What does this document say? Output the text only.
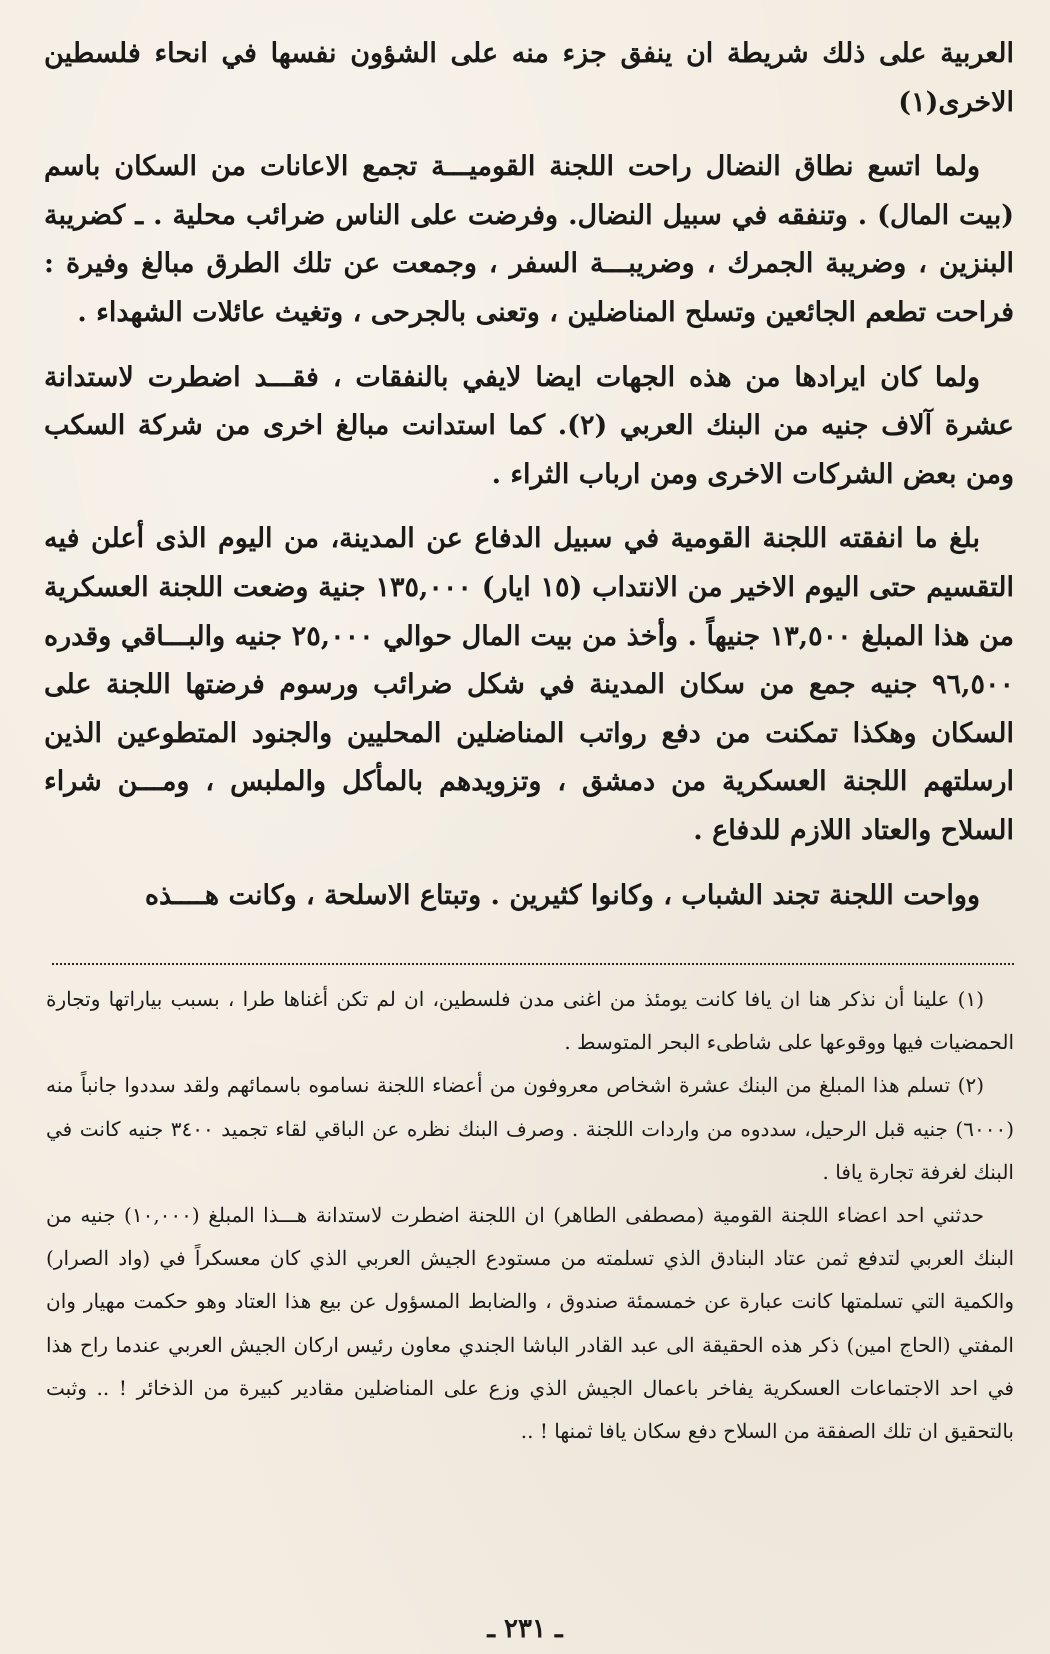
العربية على ذلك شريطة ان ينفق جزء منه على الشؤون نفسها في انحاء فلسطين الاخرى(١)

ولما اتسع نطاق النضال راحت اللجنة القوميـــة تجمع الاعانات من السكان باسم (بيت المال) . وتنفقه في سبيل النضال. وفرضت على الناس ضرائب محلية . ـ كضريبة البنزين ، وضريبة الجمرك ، وضريبـــة السفر ، وجمعت عن تلك الطرق مبالغ وفيرة : فراحت تطعم الجائعين وتسلح المناضلين ، وتعنى بالجرحى ، وتغيث عائلات الشهداء .

ولما كان ايرادها من هذه الجهات ايضا لايفي بالنفقات ، فقـــد اضطرت لاستدانة عشرة آلاف جنيه من البنك العربي (٢). كما استدانت مبالغ اخرى من شركة السكب ومن بعض الشركات الاخرى ومن ارباب الثراء .

بلغ ما انفقته اللجنة القومية في سبيل الدفاع عن المدينة، من اليوم الذى أعلن فيه التقسيم حتى اليوم الاخير من الانتداب (١٥ ايار) ١٣٥,٠٠٠ جنية وضعت اللجنة العسكرية من هذا المبلغ ١٣,٥٠٠ جنيهاً . وأخذ من بيت المال حوالي ٢٥,٠٠٠ جنيه والبـــاقي وقدره ٩٦,٥٠٠ جنيه جمع من سكان المدينة في شكل ضرائب ورسوم فرضتها اللجنة على السكان وهكذا تمكنت من دفع رواتب المناضلين المحليين والجنود المتطوعين الذين ارسلتهم اللجنة العسكرية من دمشق ، وتزويدهم بالمأكل والملبس ، ومـــن شراء السلاح والعتاد اللازم للدفاع .

وواحت اللجنة تجند الشباب ، وكانوا كثيرين . وتبتاع الاسلحة ، وكانت هــــذه

(١) علينا أن نذكر هنا ان يافا كانت يومئذ من اغنى مدن فلسطين، ان لم تكن أغناها طرا ، بسبب بياراتها وتجارة الحمضيات فيها ووقوعها على شاطىء البحر المتوسط .

(٢) تسلم هذا المبلغ من البنك عشرة اشخاص معروفون من أعضاء اللجنة نساموه باسمائهم ولقد سددوا جانباً منه (٦٠٠٠) جنيه قبل الرحيل، سددوه من واردات اللجنة . وصرف البنك نظره عن الباقي لقاء تجميد ٣٤٠٠ جنيه كانت في البنك لغرفة تجارة يافا .

حدثني احد اعضاء اللجنة القومية (مصطفى الطاهر) ان اللجنة اضطرت لاستدانة هـــذا المبلغ (١٠,٠٠٠) جنيه من البنك العربي لتدفع ثمن عتاد البنادق الذي تسلمته من مستودع الجيش العربي الذي كان معسكراً في (واد الصرار) والكمية التي تسلمتها كانت عبارة عن خمسمئة صندوق ، والضابط المسؤول عن بيع هذا العتاد وهو حكمت مهيار وان المفتي (الحاج امين) ذكر هذه الحقيقة الى عبد القادر الباشا الجندي معاون رئيس اركان الجيش العربي عندما راح هذا في احد الاجتماعات العسكرية يفاخر باعمال الجيش الذي وزع على المناضلين مقادير كبيرة من الذخائر ! .. وثبت بالتحقيق ان تلك الصفقة من السلاح دفع سكان يافا ثمنها ! ..

ـ ٢٣١ ـ
